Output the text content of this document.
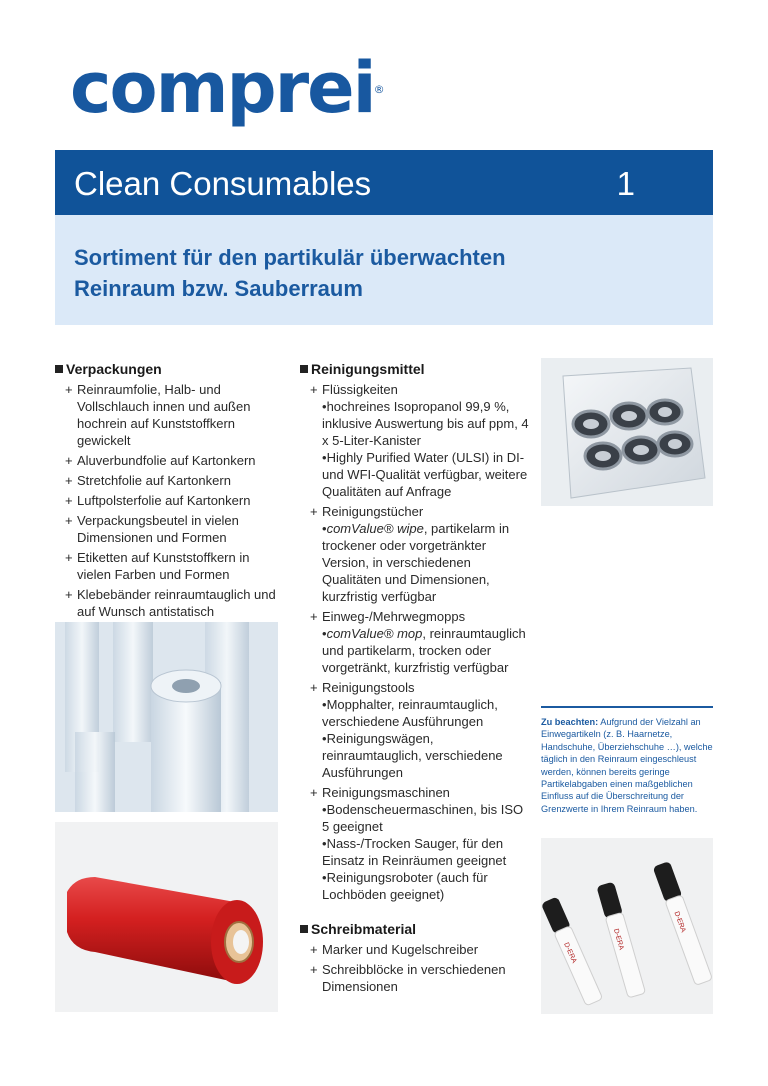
comprei ®
Clean Consumables	1
Sortiment für den partikulär überwachten
Reinraum bzw. Sauberraum
Verpackungen
+ Reinraumfolie, Halb- und Vollschlauch innen und außen hochrein auf Kunststoffkern gewickelt
+ Aluverbundfolie auf Kartonkern
+ Stretchfolie auf Kartonkern
+ Luftpolsterfolie auf Kartonkern
+ Verpackungsbeutel in vielen Dimensionen und Formen
+ Etiketten auf Kunststoffkern in vielen Farben und Formen
+ Klebebänder reinraumtauglich und auf Wunsch antistatisch
Reinigungsmittel
+ Flüssigkeiten
•hochreines Isopropanol 99,9 %, inklusive Auswertung bis auf ppm, 4 x 5-Liter-Kanister
•Highly Purified Water (ULSI) in DI- und WFI-Qualität verfügbar, weitere Qualitäten auf Anfrage
+ Reinigungstücher
•comValue® wipe, partikelarm in trockener oder vorgetränkter Version, in verschiedenen Qualitäten und Dimensionen, kurzfristig verfügbar
+ Einweg-/Mehrwegmopps
•comValue® mop, reinraumtauglich und partikelarm, trocken oder vorgetränkt, kurzfristig verfügbar
+ Reinigungstools
•Mopphalter, reinraumtauglich, verschiedene Ausführungen
•Reinigungswägen, reinraumtauglich, verschiedene Ausführungen
+ Reinigungsmaschinen
•Bodenscheuermaschinen, bis ISO 5 geeignet
•Nass-/Trocken Sauger, für den Einsatz in Reinräumen geeignet
•Reinigungsroboter (auch für Lochböden geeignet)
Schreibmaterial
+ Marker und Kugelschreiber
+ Schreibblöcke in verschiedenen Dimensionen
Zu beachten: Aufgrund der Vielzahl an Einwegartikeln (z. B. Haarnetze, Handschuhe, Überziehschuhe …), welche täglich in den Reinraum eingeschleust werden, können bereits geringe Partikelabgaben einen maßgeblichen Einfluss auf die Überschreitung der Grenzwerte in Ihrem Reinraum haben.
D-ERA
D-ERA
D-ERA
